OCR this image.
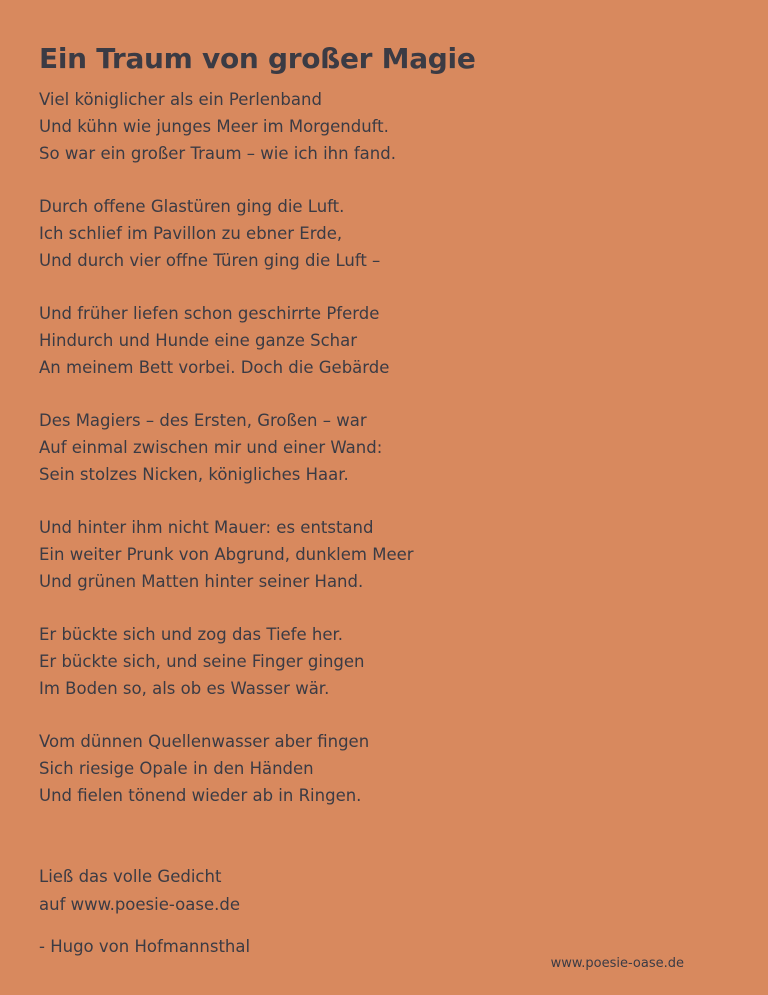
Ein Traum von großer Magie
Viel königlicher als ein Perlenband
Und kühn wie junges Meer im Morgenduft.
So war ein großer Traum – wie ich ihn fand.
Durch offene Glastüren ging die Luft.
Ich schlief im Pavillon zu ebner Erde,
Und durch vier offne Türen ging die Luft –
Und früher liefen schon geschirrte Pferde
Hindurch und Hunde eine ganze Schar
An meinem Bett vorbei. Doch die Gebärde
Des Magiers – des Ersten, Großen – war
Auf einmal zwischen mir und einer Wand:
Sein stolzes Nicken, königliches Haar.
Und hinter ihm nicht Mauer: es entstand
Ein weiter Prunk von Abgrund, dunklem Meer
Und grünen Matten hinter seiner Hand.
Er bückte sich und zog das Tiefe her.
Er bückte sich, und seine Finger gingen
Im Boden so, als ob es Wasser wär.
Vom dünnen Quellenwasser aber fingen
Sich riesige Opale in den Händen
Und fielen tönend wieder ab in Ringen.
Ließ das volle Gedicht
auf www.poesie-oase.de
- Hugo von Hofmannsthal
www.poesie-oase.de
